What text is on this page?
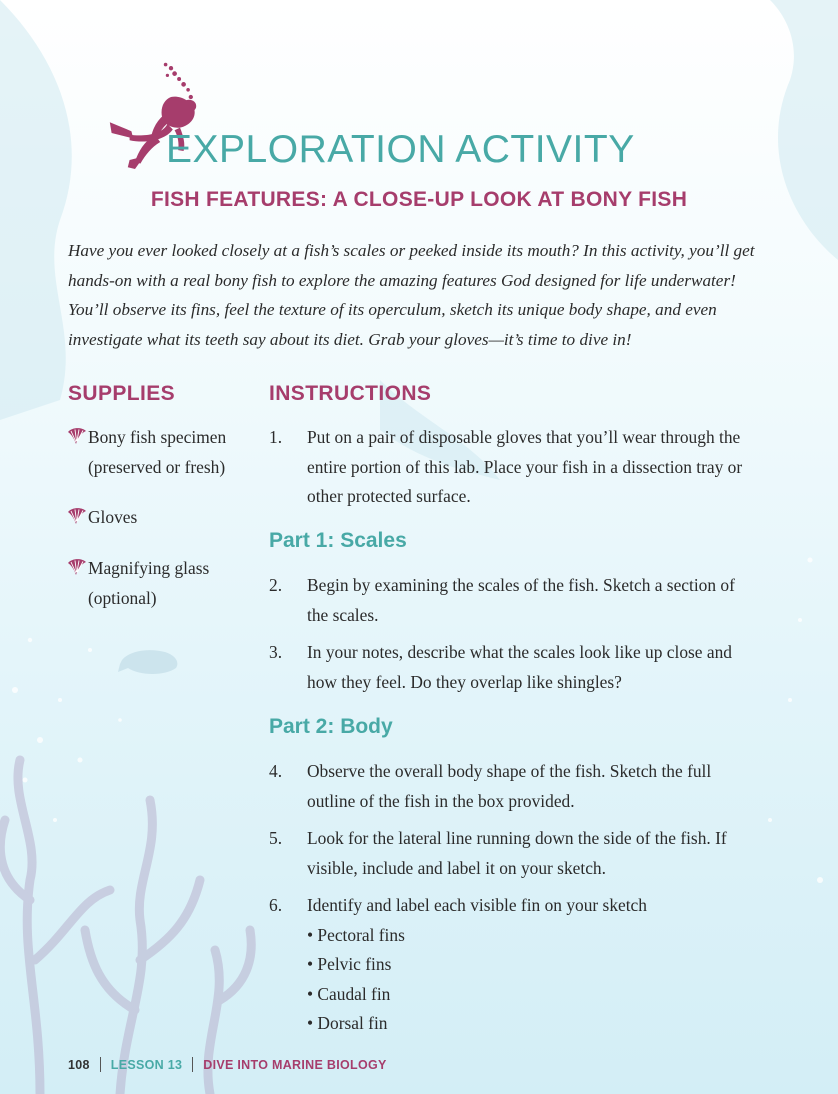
EXPLORATION ACTIVITY
FISH FEATURES: A CLOSE-UP LOOK AT BONY FISH

Have you ever looked closely at a fish’s scales or peeked inside its mouth? In this activity, you’ll get hands-on with a real bony fish to explore the amazing features God designed for life underwater! You’ll observe its fins, feel the texture of its operculum, sketch its unique body shape, and even investigate what its teeth say about its diet. Grab your gloves—it’s time to dive in!

SUPPLIES
Bony fish specimen (preserved or fresh)
Gloves
Magnifying glass (optional)
INSTRUCTIONS
1.	Put on a pair of disposable gloves that you’ll wear through the entire portion of this lab. Place your fish in a dissection tray or other protected surface.
Part 1: Scales
2.	Begin by examining the scales of the fish. Sketch a section of the scales.
3.	In your notes, describe what the scales look like up close and how they feel. Do they overlap like shingles?
Part 2: Body
4.	Observe the overall body shape of the fish. Sketch the full outline of the fish in the box provided.
5.	Look for the lateral line running down the side of the fish. If visible, include and label it on your sketch.
6.	Identify and label each visible fin on your sketch
• Pectoral fins
• Pelvic fins
• Caudal fin
• Dorsal fin
108 LESSON 13 DIVE INTO MARINE BIOLOGY
